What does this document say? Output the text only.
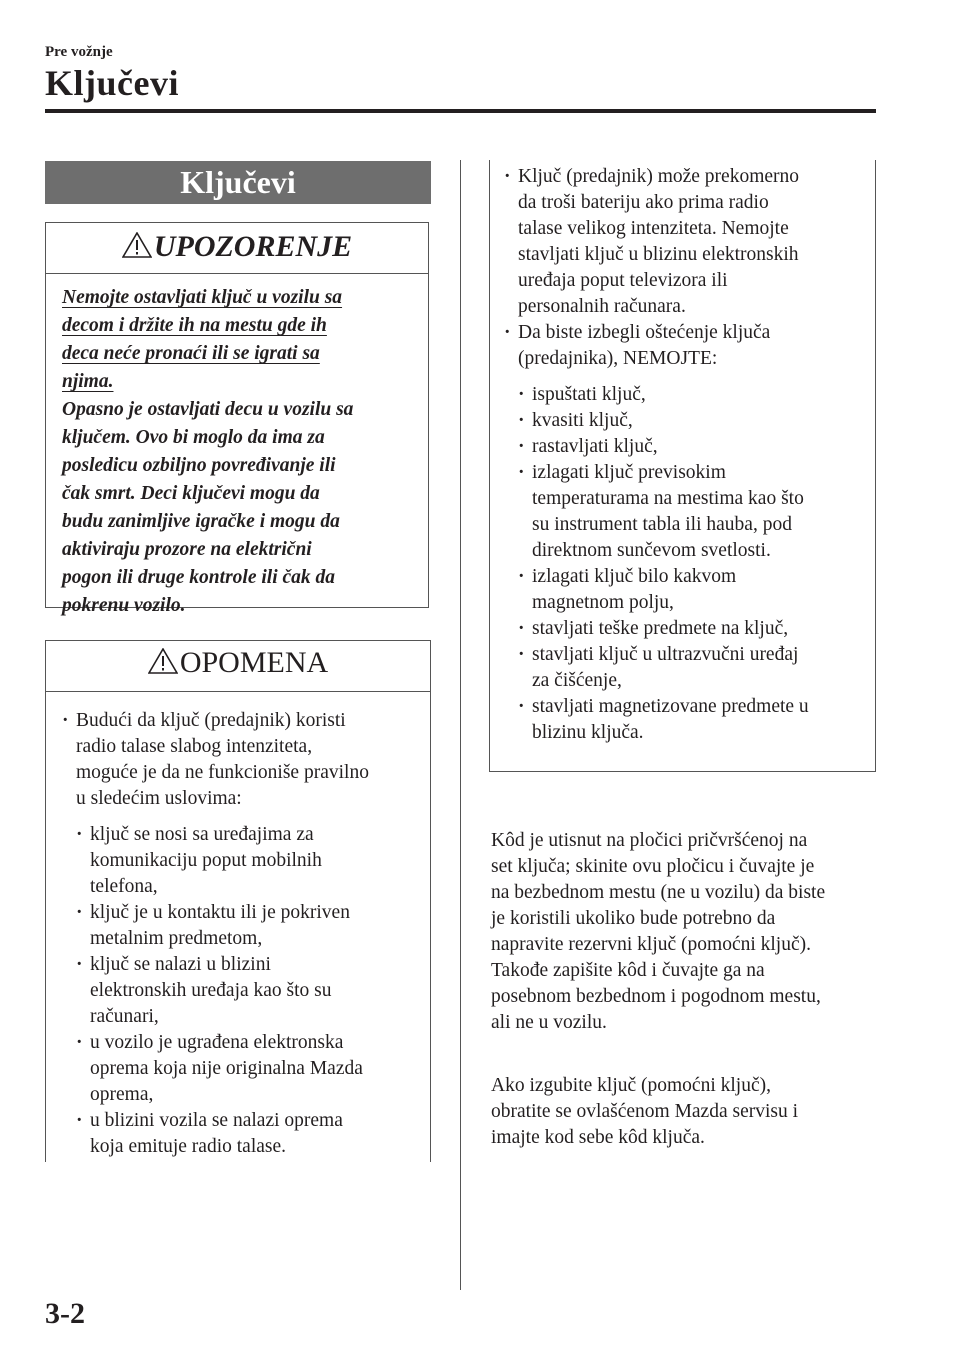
Pre vožnje
Ključevi
Ključevi
UPOZORENJE
Nemojte ostavljati ključ u vozilu sa
decom i držite ih na mestu gde ih
deca neće pronaći ili se igrati sa
njima.
Opasno je ostavljati decu u vozilu sa
ključem. Ovo bi moglo da ima za
posledicu ozbiljno povređivanje ili
čak smrt. Deci ključevi mogu da
budu zanimljive igračke i mogu da
aktiviraju prozore na električni
pogon ili druge kontrole ili čak da
pokrenu vozilo.
OPOMENA
· Budući da ključ (predajnik) koristi
radio talase slabog intenziteta,
moguće je da ne funkcioniše pravilno
u sledećim uslovima:
· ključ se nosi sa uređajima za
komunikaciju poput mobilnih
telefona,
· ključ je u kontaktu ili je pokriven
metalnim predmetom,
· ključ se nalazi u blizini
elektronskih uređaja kao što su
računari,
· u vozilo je ugrađena elektronska
oprema koja nije originalna Mazda
oprema,
· u blizini vozila se nalazi oprema
koja emituje radio talase.
· Ključ (predajnik) može prekomerno
da troši bateriju ako prima radio
talase velikog intenziteta. Nemojte
stavljati ključ u blizinu elektronskih
uređaja poput televizora ili
personalnih računara.
· Da biste izbegli oštećenje ključa
(predajnika), NEMOJTE:
· ispuštati ključ,
· kvasiti ključ,
· rastavljati ključ,
· izlagati ključ previsokim
temperaturama na mestima kao što
su instrument tabla ili hauba, pod
direktnom sunčevom svetlosti.
· izlagati ključ bilo kakvom
magnetnom polju,
· stavljati teške predmete na ključ,
· stavljati ključ u ultrazvučni uređaj
za čišćenje,
· stavljati magnetizovane predmete u
blizinu ključa.
Kôd je utisnut na pločici pričvršćenoj na
set ključa; skinite ovu pločicu i čuvajte je
na bezbednom mestu (ne u vozilu) da biste
je koristili ukoliko bude potrebno da
napravite rezervni ključ (pomoćni ključ).
Takođe zapišite kôd i čuvajte ga na
posebnom bezbednom i pogodnom mestu,
ali ne u vozilu.
Ako izgubite ključ (pomoćni ključ),
obratite se ovlašćenom Mazda servisu i
imajte kod sebe kôd ključa.
3-2
